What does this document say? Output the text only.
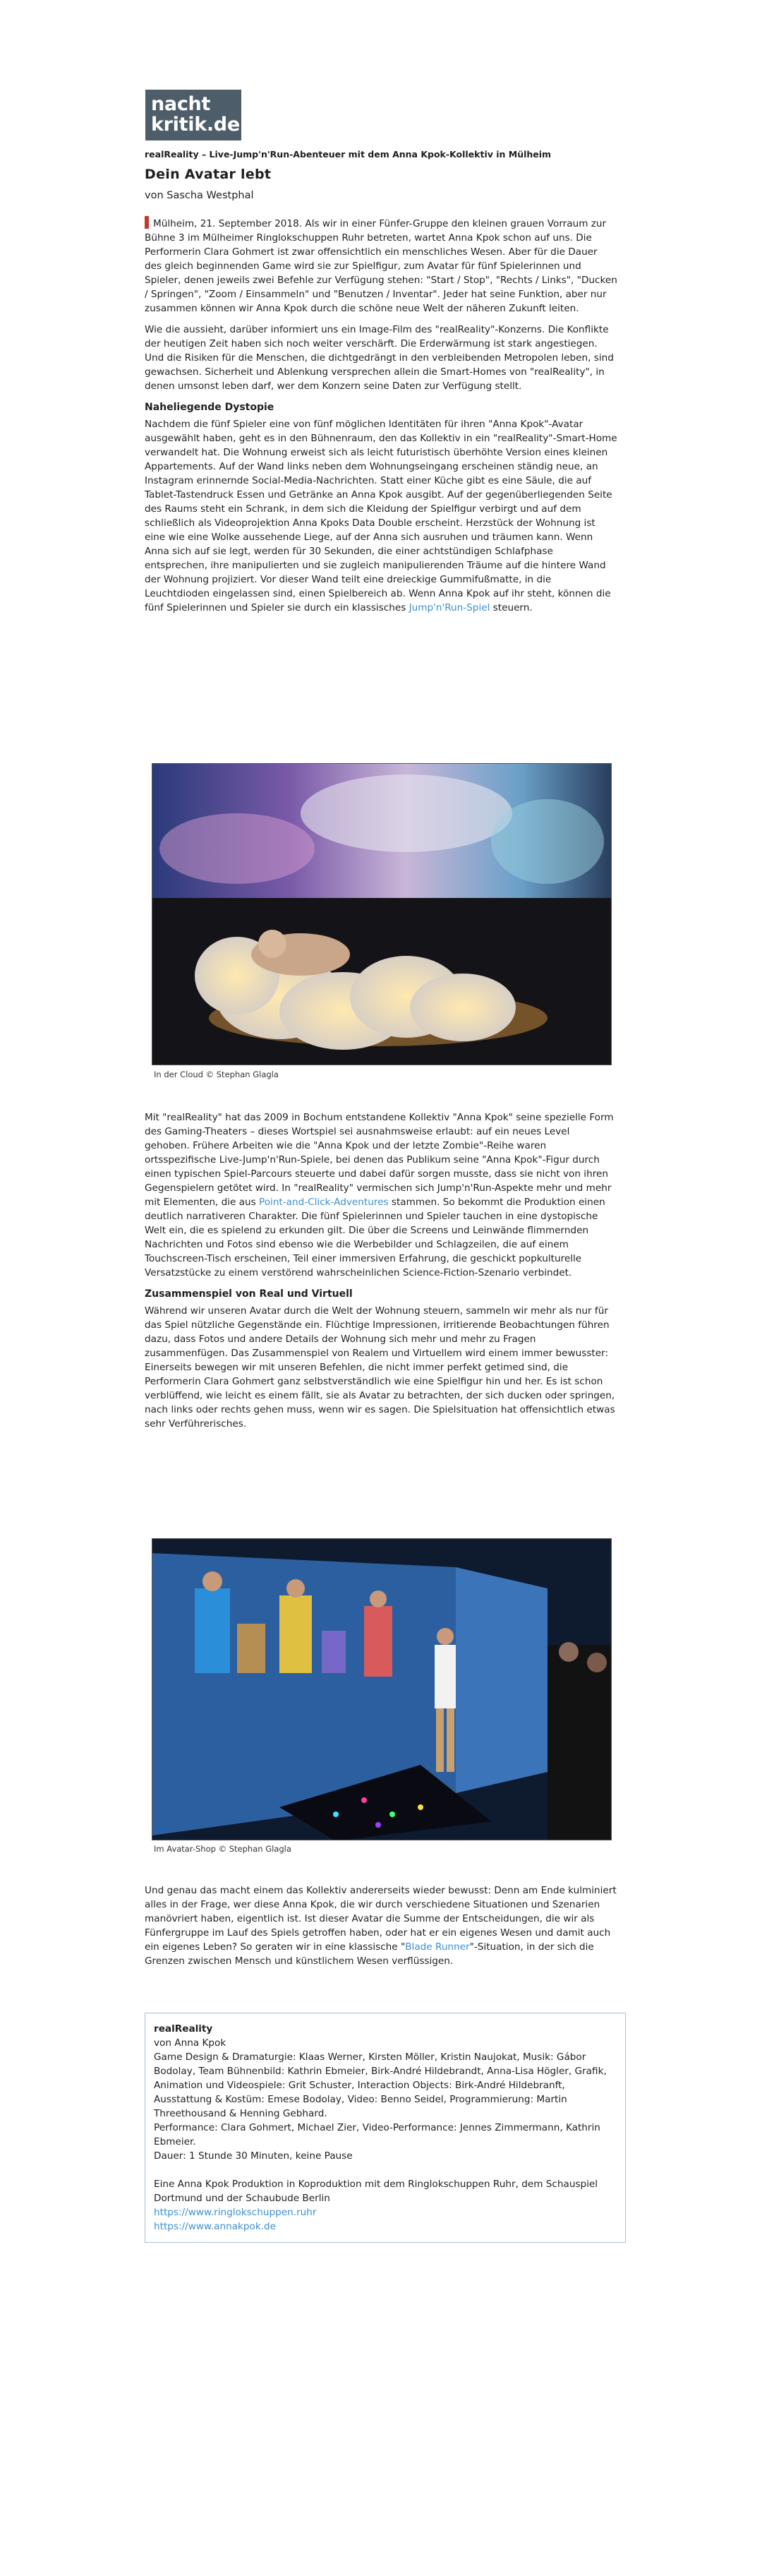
nacht
kritik.de
realReality – Live-Jump'n'Run-Abenteuer mit dem Anna Kpok-Kollektiv in Mülheim
Dein Avatar lebt
von Sascha Westphal

Mülheim, 21. September 2018. Als wir in einer Fünfer-Gruppe den kleinen grauen Vorraum zur Bühne 3 im Mülheimer Ringlokschuppen Ruhr betreten, wartet Anna Kpok schon auf uns. Die Performerin Clara Gohmert ist zwar offensichtlich ein menschliches Wesen. Aber für die Dauer des gleich beginnenden Game wird sie zur Spielfigur, zum Avatar für fünf Spielerinnen und Spieler, denen jeweils zwei Befehle zur Verfügung stehen: "Start / Stop", "Rechts / Links", "Ducken / Springen", "Zoom / Einsammeln" und "Benutzen / Inventar". Jeder hat seine Funktion, aber nur zusammen können wir Anna Kpok durch die schöne neue Welt der näheren Zukunft leiten.

Wie die aussieht, darüber informiert uns ein Image-Film des "realReality"-Konzerns. Die Konflikte der heutigen Zeit haben sich noch weiter verschärft. Die Erderwärmung ist stark angestiegen. Und die Risiken für die Menschen, die dichtgedrängt in den verbleibenden Metropolen leben, sind gewachsen. Sicherheit und Ablenkung versprechen allein die Smart-Homes von "realReality", in denen umsonst leben darf, wer dem Konzern seine Daten zur Verfügung stellt.

Naheliegende Dystopie

Nachdem die fünf Spieler eine von fünf möglichen Identitäten für ihren "Anna Kpok"-Avatar ausgewählt haben, geht es in den Bühnenraum, den das Kollektiv in ein "realReality"-Smart-Home verwandelt hat. Die Wohnung erweist sich als leicht futuristisch überhöhte Version eines kleinen Appartements. Auf der Wand links neben dem Wohnungseingang erscheinen ständig neue, an Instagram erinnernde Social-Media-Nachrichten. Statt einer Küche gibt es eine Säule, die auf Tablet-Tastendruck Essen und Getränke an Anna Kpok ausgibt. Auf der gegenüberliegenden Seite des Raums steht ein Schrank, in dem sich die Kleidung der Spielfigur verbirgt und auf dem schließlich als Videoprojektion Anna Kpoks Data Double erscheint. Herzstück der Wohnung ist eine wie eine Wolke aussehende Liege, auf der Anna sich ausruhen und träumen kann. Wenn Anna sich auf sie legt, werden für 30 Sekunden, die einer achtstündigen Schlafphase entsprechen, ihre manipulierten und sie zugleich manipulierenden Träume auf die hintere Wand der Wohnung projiziert. Vor dieser Wand teilt eine dreieckige Gummifußmatte, in die Leuchtdioden eingelassen sind, einen Spielbereich ab. Wenn Anna Kpok auf ihr steht, können die fünf Spielerinnen und Spieler sie durch ein klassisches Jump'n'Run-Spiel steuern.

In der Cloud © Stephan Glagla

Mit "realReality" hat das 2009 in Bochum entstandene Kollektiv "Anna Kpok" seine spezielle Form des Gaming-Theaters – dieses Wortspiel sei ausnahmsweise erlaubt: auf ein neues Level gehoben. Frühere Arbeiten wie die "Anna Kpok und der letzte Zombie"-Reihe waren ortsspezifische Live-Jump'n'Run-Spiele, bei denen das Publikum seine "Anna Kpok"-Figur durch einen typischen Spiel-Parcours steuerte und dabei dafür sorgen musste, dass sie nicht von ihren Gegenspielern getötet wird. In "realReality" vermischen sich Jump'n'Run-Aspekte mehr und mehr mit Elementen, die aus Point-and-Click-Adventures stammen. So bekommt die Produktion einen deutlich narrativeren Charakter. Die fünf Spielerinnen und Spieler tauchen in eine dystopische Welt ein, die es spielend zu erkunden gilt. Die über die Screens und Leinwände flimmernden Nachrichten und Fotos sind ebenso wie die Werbebilder und Schlagzeilen, die auf einem Touchscreen-Tisch erscheinen, Teil einer immersiven Erfahrung, die geschickt popkulturelle Versatzstücke zu einem verstörend wahrscheinlichen Science-Fiction-Szenario verbindet.

Zusammenspiel von Real und Virtuell

Während wir unseren Avatar durch die Welt der Wohnung steuern, sammeln wir mehr als nur für das Spiel nützliche Gegenstände ein. Flüchtige Impressionen, irritierende Beobachtungen führen dazu, dass Fotos und andere Details der Wohnung sich mehr und mehr zu Fragen zusammenfügen. Das Zusammenspiel von Realem und Virtuellem wird einem immer bewusster: Einerseits bewegen wir mit unseren Befehlen, die nicht immer perfekt getimed sind, die Performerin Clara Gohmert ganz selbstverständlich wie eine Spielfigur hin und her. Es ist schon verblüffend, wie leicht es einem fällt, sie als Avatar zu betrachten, der sich ducken oder springen, nach links oder rechts gehen muss, wenn wir es sagen. Die Spielsituation hat offensichtlich etwas sehr Verführerisches.

Im Avatar-Shop © Stephan Glagla

Und genau das macht einem das Kollektiv andererseits wieder bewusst: Denn am Ende kulminiert alles in der Frage, wer diese Anna Kpok, die wir durch verschiedene Situationen und Szenarien manövriert haben, eigentlich ist. Ist dieser Avatar die Summe der Entscheidungen, die wir als Fünfergruppe im Lauf des Spiels getroffen haben, oder hat er ein eigenes Wesen und damit auch ein eigenes Leben? So geraten wir in eine klassische "Blade Runner"-Situation, in der sich die Grenzen zwischen Mensch und künstlichem Wesen verflüssigen.

realReality
von Anna Kpok
Game Design & Dramaturgie: Klaas Werner, Kirsten Möller, Kristin Naujokat, Musik: Gábor Bodolay, Team Bühnenbild: Kathrin Ebmeier, Birk-André Hildebrandt, Anna-Lisa Högler, Grafik, Animation und Videospiele: Grit Schuster, Interaction Objects: Birk-André Hildebranft, Ausstattung & Kostüm: Emese Bodolay, Video: Benno Seidel, Programmierung: Martin Threethousand & Henning Gebhard.
Performance: Clara Gohmert, Michael Zier, Video-Performance: Jennes Zimmermann, Kathrin Ebmeier.
Dauer: 1 Stunde 30 Minuten, keine Pause
Eine Anna Kpok Produktion in Koproduktion mit dem Ringlokschuppen Ruhr, dem Schauspiel Dortmund und der Schaubude Berlin
https://www.ringlokschuppen.ruhr
https://www.annakpok.de
